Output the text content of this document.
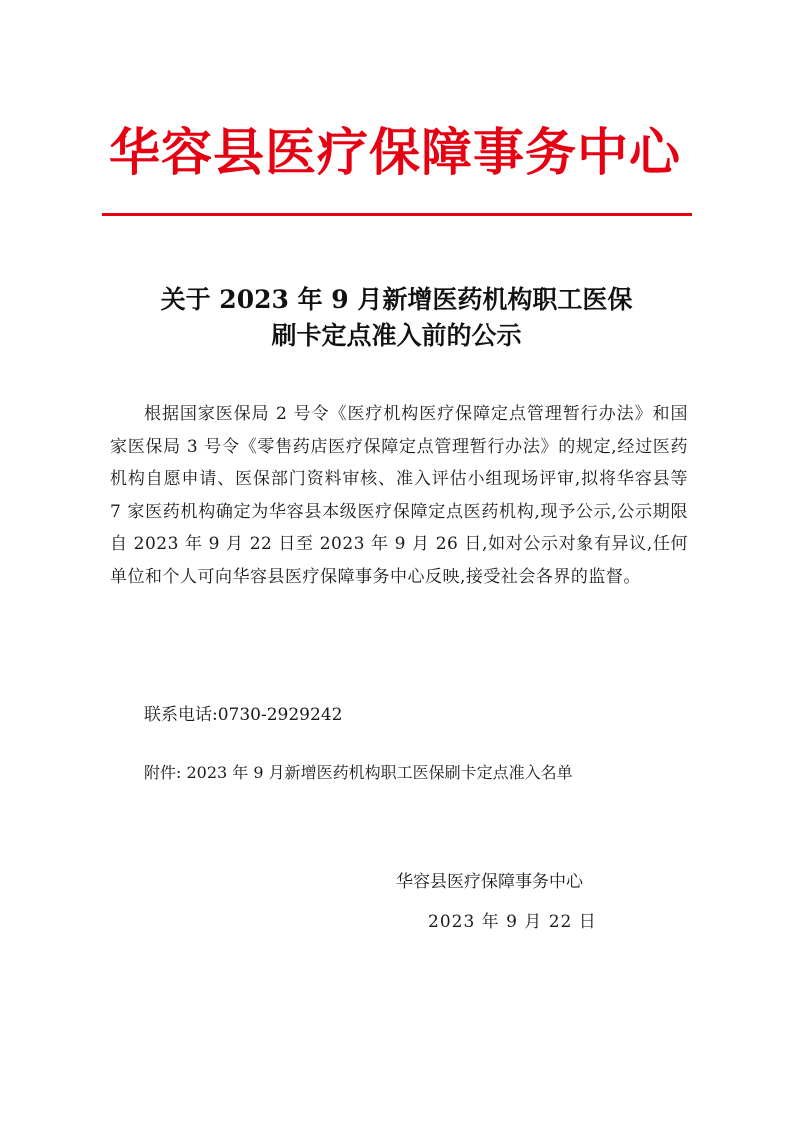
华容县医疗保障事务中心
关于 2023 年 9 月新增医药机构职工医保
刷卡定点准入前的公示

根据国家医保局 2 号令《医疗机构医疗保障定点管理暂行办法》和国家医保局 3 号令《零售药店医疗保障定点管理暂行办法》的规定,经过医药机构自愿申请、医保部门资料审核、准入评估小组现场评审,拟将华容县等 7 家医药机构确定为华容县本级医疗保障定点医药机构,现予公示,公示期限自 2023 年 9 月 22 日至 2023 年 9 月 26 日,如对公示对象有异议,任何单位和个人可向华容县医疗保障事务中心反映,接受社会各界的监督。

联系电话:0730-2929242
附件: 2023 年 9 月新增医药机构职工医保刷卡定点准入名单
华容县医疗保障事务中心
2023 年 9 月 22 日
